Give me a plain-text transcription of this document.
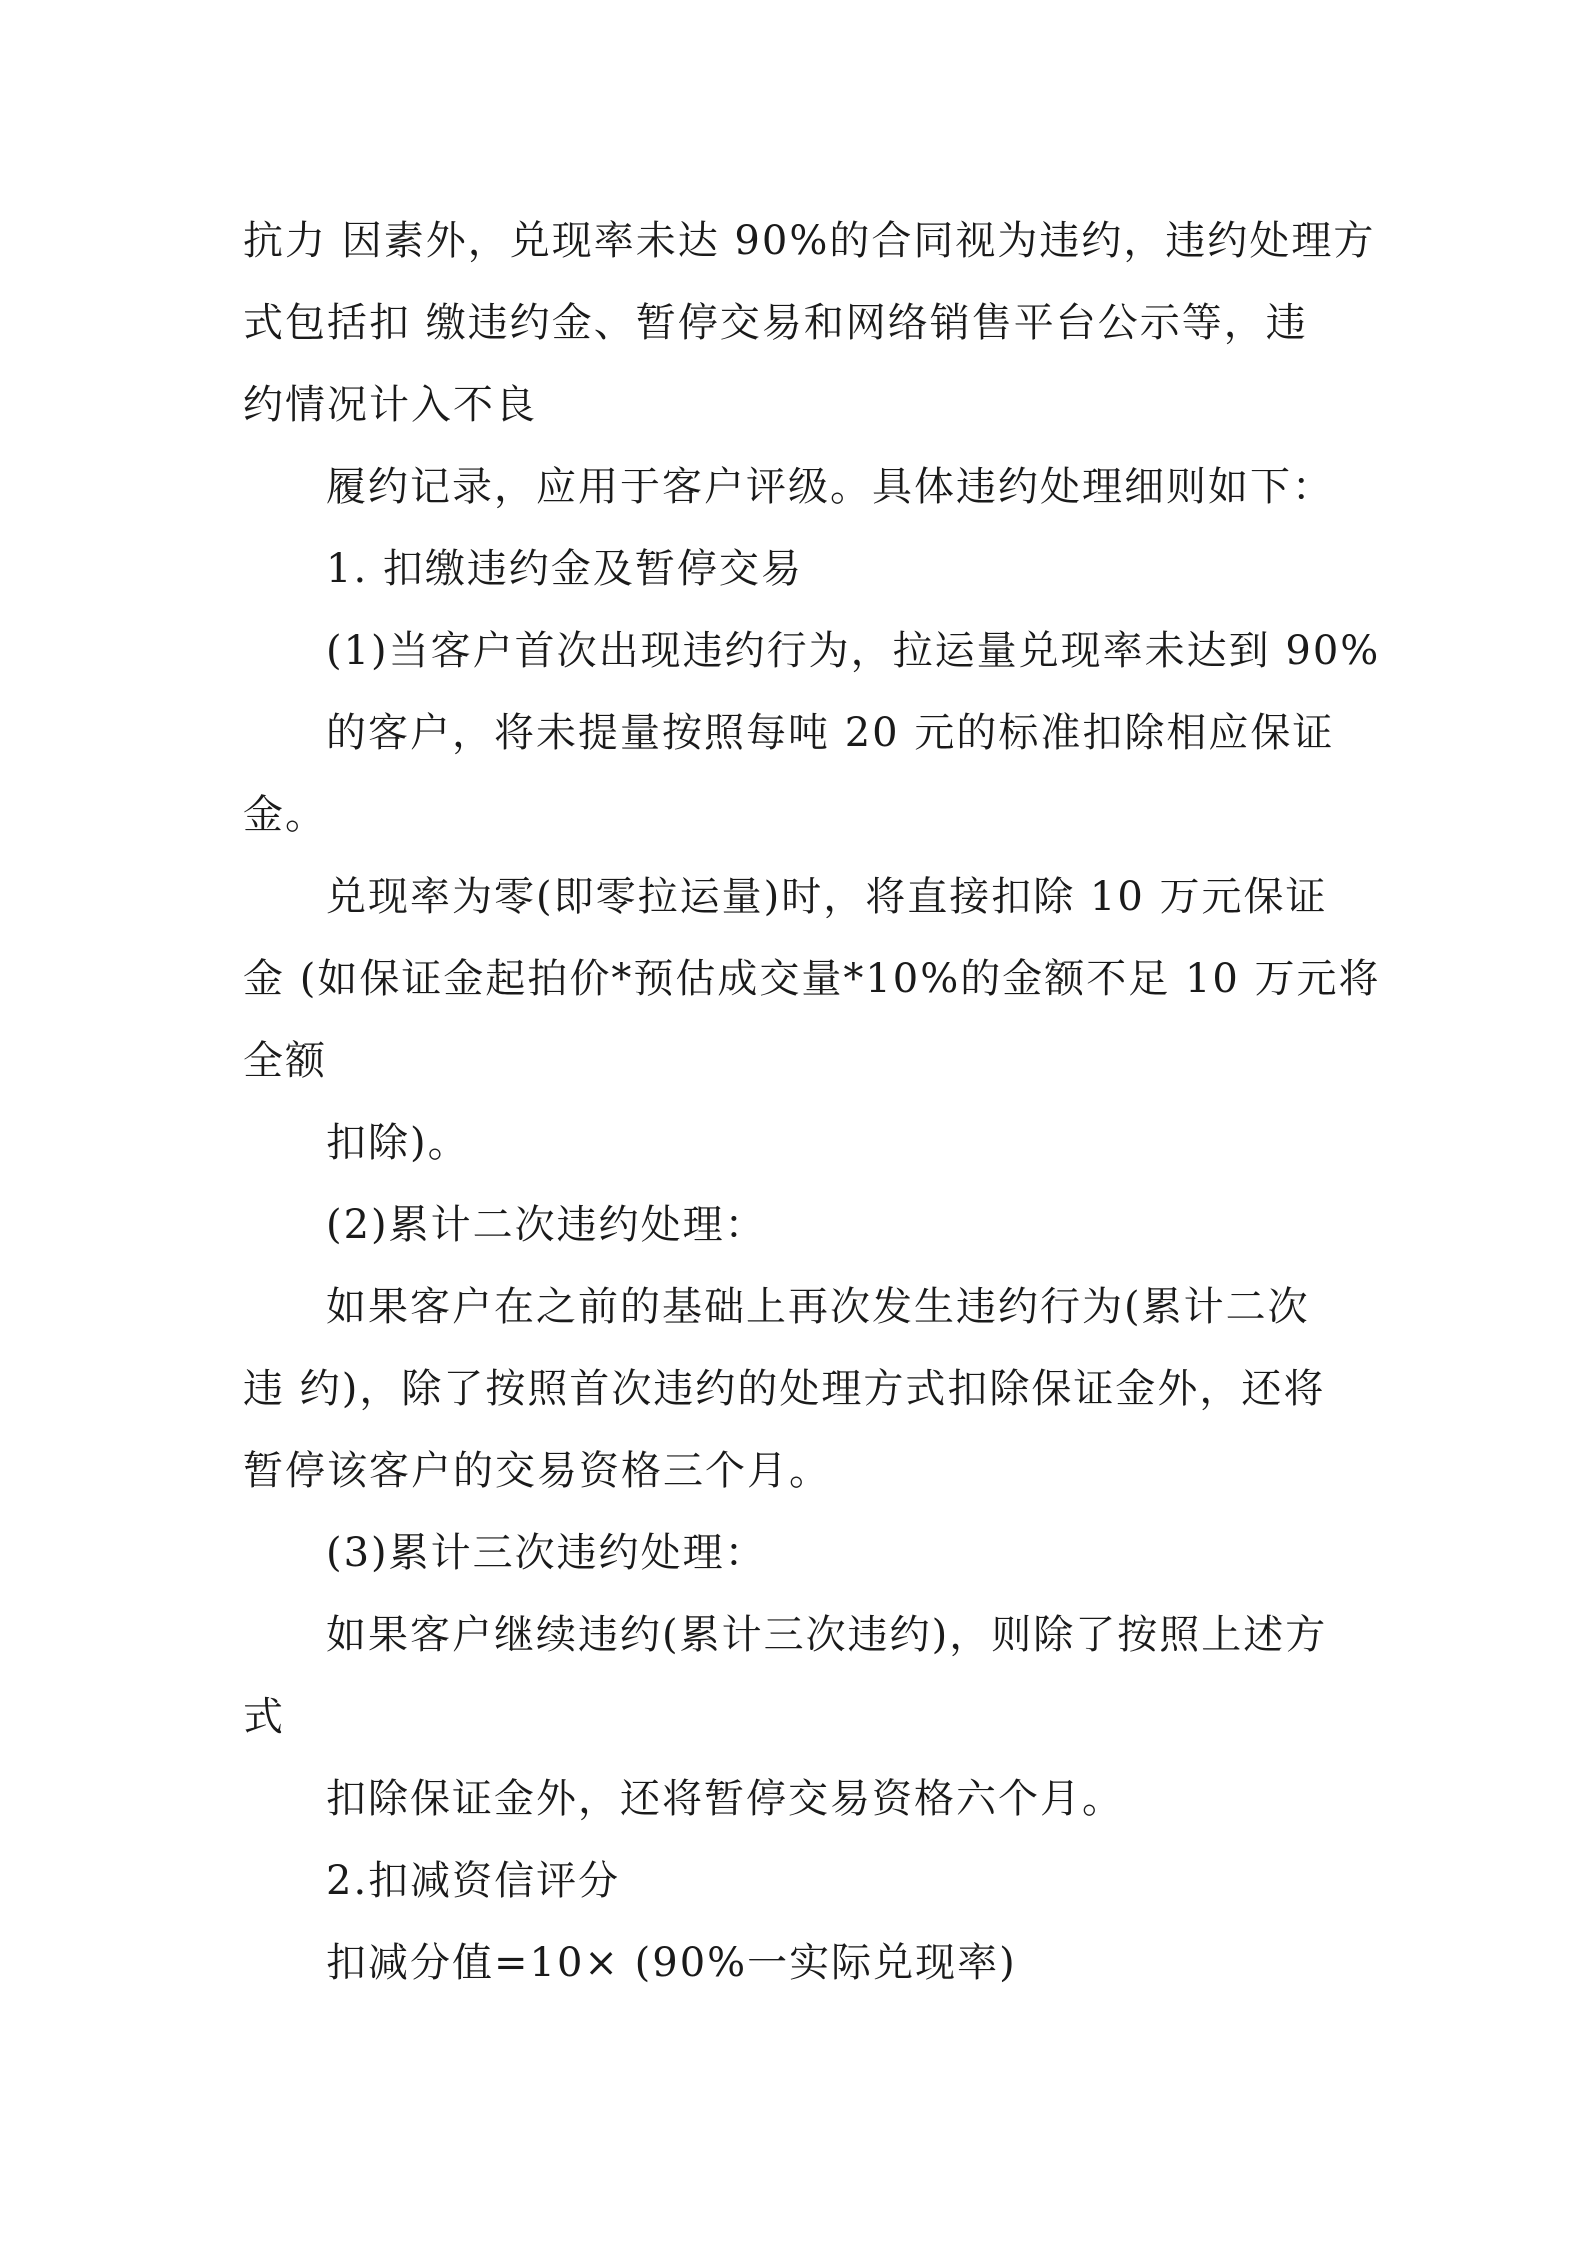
抗力 因素外，兑现率未达 90%的合同视为违约，违约处理方
式包括扣 缴违约金、暂停交易和网络销售平台公示等，违
约情况计入不良
履约记录，应用于客户评级。具体违约处理细则如下：
1. 扣缴违约金及暂停交易
(1)当客户首次出现违约行为，拉运量兑现率未达到 90%
的客户，将未提量按照每吨 20 元的标准扣除相应保证
金。
兑现率为零(即零拉运量)时，将直接扣除 10 万元保证
金 (如保证金起拍价*预估成交量*10%的金额不足 10 万元将
全额
扣除)。
(2)累计二次违约处理：
如果客户在之前的基础上再次发生违约行为(累计二次
违 约)，除了按照首次违约的处理方式扣除保证金外，还将
暂停该客户的交易资格三个月。
(3)累计三次违约处理：
如果客户继续违约(累计三次违约)，则除了按照上述方
式
扣除保证金外，还将暂停交易资格六个月。
2.扣减资信评分
扣减分值=10× (90%一实际兑现率)
